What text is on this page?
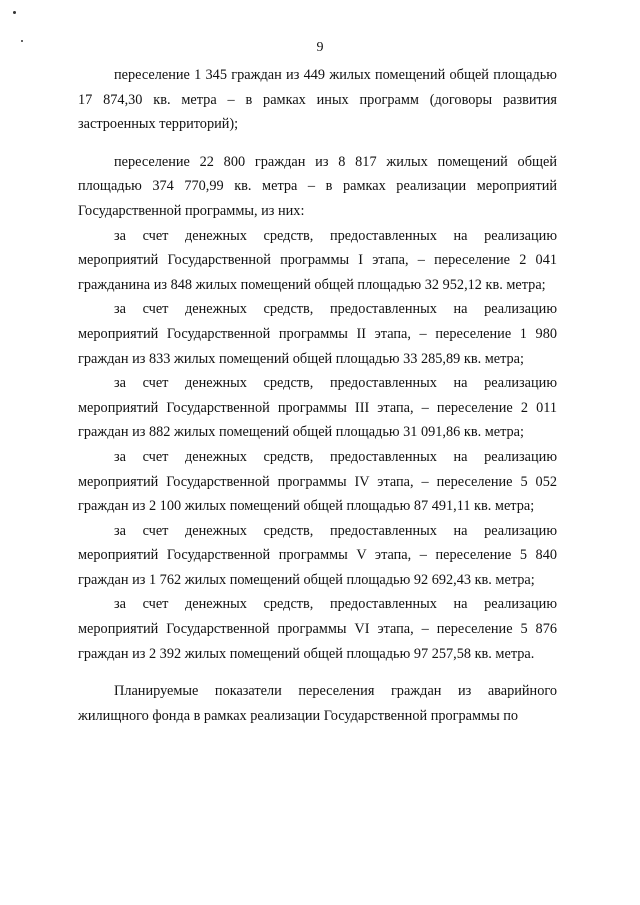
9

переселение 1 345 граждан из 449 жилых помещений общей площадью 17 874,30 кв. метра – в рамках иных программ (договоры развития застроенных территорий);

переселение 22 800 граждан из 8 817 жилых помещений общей площадью 374 770,99 кв. метра – в рамках реализации мероприятий Государственной программы, из них:

за счет денежных средств, предоставленных на реализацию мероприятий Государственной программы I этапа, – переселение 2 041 гражданина из 848 жилых помещений общей площадью 32 952,12 кв. метра;

за счет денежных средств, предоставленных на реализацию мероприятий Государственной программы II этапа, – переселение 1 980 граждан из 833 жилых помещений общей площадью 33 285,89 кв. метра;

за счет денежных средств, предоставленных на реализацию мероприятий Государственной программы III этапа, – переселение 2 011 граждан из 882 жилых помещений общей площадью 31 091,86 кв. метра;

за счет денежных средств, предоставленных на реализацию мероприятий Государственной программы IV этапа, – переселение 5 052 граждан из 2 100 жилых помещений общей площадью 87 491,11 кв. метра;

за счет денежных средств, предоставленных на реализацию мероприятий Государственной программы V этапа, – переселение 5 840 граждан из 1 762 жилых помещений общей площадью 92 692,43 кв. метра;

за счет денежных средств, предоставленных на реализацию мероприятий Государственной программы VI этапа, – переселение 5 876 граждан из 2 392 жилых помещений общей площадью 97 257,58 кв. метра.

Планируемые показатели переселения граждан из аварийного жилищного фонда в рамках реализации Государственной программы по
